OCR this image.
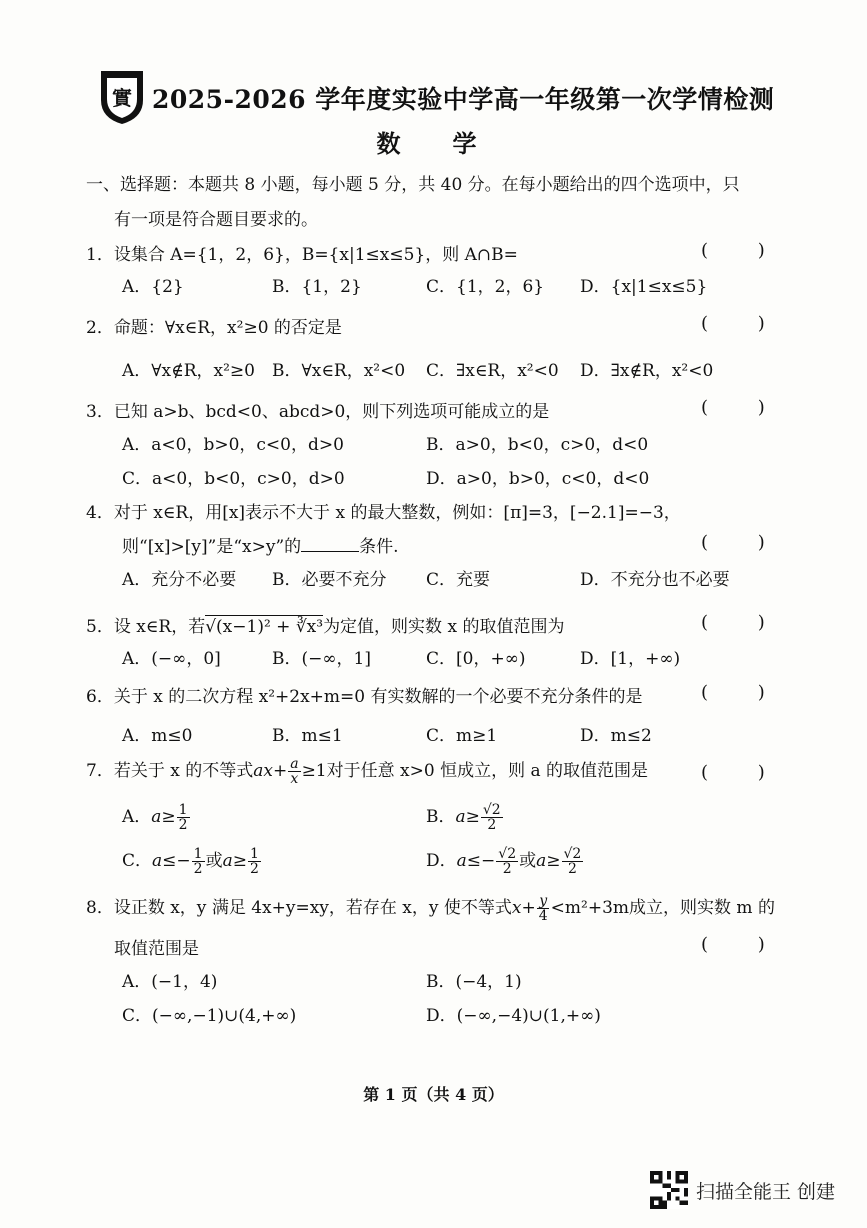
實 2025-2026 学年度实验中学高一年级第一次学情检测
数　学
一、选择题：本题共 8 小题，每小题 5 分，共 40 分。在每小题给出的四个选项中，只
有一项是符合题目要求的。
1．设集合 A={1，2，6}，B={x|1≤x≤5}，则 A∩B=	( )
A．{2}	B．{1，2}	C．{1，2，6} D．{x|1≤x≤5}
2．命题：∀x∈R，x²≥0 的否定是	( )
A．∀x∉R，x²≥0 B．∀x∈R，x²<0 C．∃x∈R，x²<0 D．∃x∉R，x²<0
3．已知 a>b、bcd<0、abcd>0，则下列选项可能成立的是	( )
A．a<0，b>0，c<0，d>0	B．a>0，b<0，c>0，d<0
C．a<0，b<0，c>0，d>0	D．a>0，b>0，c<0，d<0
4．对于 x∈R，用[x]表示不大于 x 的最大整数，例如：[π]=3，[−2.1]=−3，
则“[x]>[y]”是“x>y”的	条件.	( )
A．充分不必要 B．必要不充分 C．充要	D．不充分也不必要
5．设 x∈R，若√(x−1)² + ∛x³为定值，则实数 x 的取值范围为	( )
A．(−∞，0]	B．(−∞，1]	C．[0，+∞)	D．[1，+∞)
6．关于 x 的二次方程 x²+2x+m=0 有实数解的一个必要不充分条件的是	( )
A．m≤0	B．m≤1	C．m≥1	D．m≤2
7．若关于 x 的不等式$ax+ \frac{a}{x} \ge 1$对于任意 x>0 恒成立，则 a 的取值范围是	( )
A．$a\ge \frac{1}{2}$	B．$a\ge \frac{√2}{2}$
C．$a\le- \frac{1}{2}$ 或$a\ge \frac{1}{2}$	D．$a\le- \frac{√2}{2}$ 或$a\ge \frac{√2}{2}$
8．设正数 x，y 满足 4x+y=xy，若存在 x，y 使不等式$x+ \frac{y}{4} <m^2+3m$成立，则实数 m 的
取值范围是	( )
A．(−1，4)	B．(−4，1)
C．(−∞,−1)∪(4,+∞)	D．(−∞,−4)∪(1,+∞)
第 1 页（共 4 页）
扫描全能王 创建
